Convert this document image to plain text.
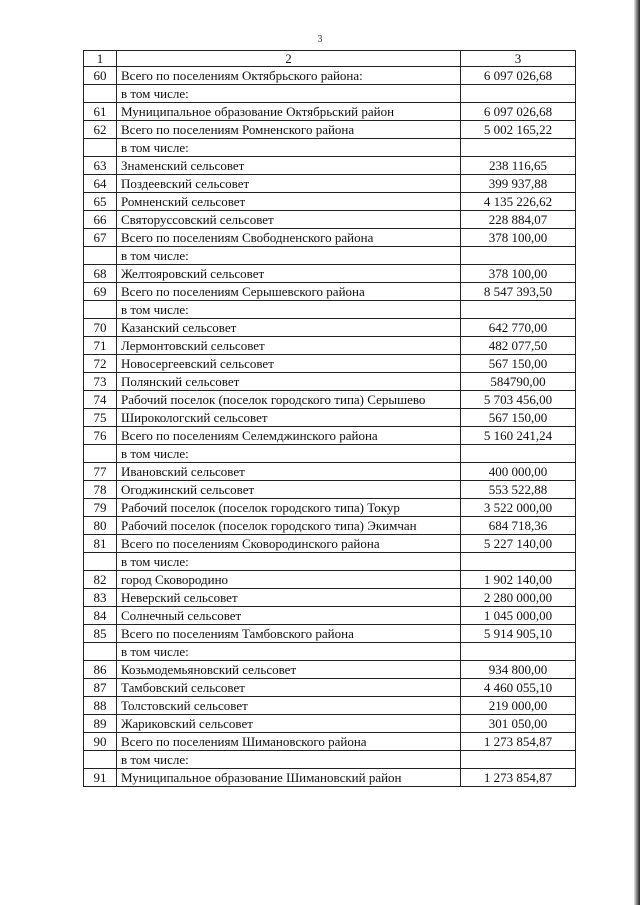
3
1	2	3
60	Всего по поселениям Октябрьского района:	6 097 026,68
	в том числе:	
61	Муниципальное образование Октябрьский район	6 097 026,68
62	Всего по поселениям Ромненского района	5 002 165,22
	в том числе:	
63	Знаменский сельсовет	238 116,65
64	Поздеевский сельсовет	399 937,88
65	Ромненский сельсовет	4 135 226,62
66	Святоруссовский сельсовет	228 884,07
67	Всего по поселениям Свободненского района	378 100,00
	в том числе:	
68	Желтояровский сельсовет	378 100,00
69	Всего по поселениям Серышевского района	8 547 393,50
	в том числе:	
70	Казанский сельсовет	642 770,00
71	Лермонтовский сельсовет	482 077,50
72	Новосергеевский сельсовет	567 150,00
73	Полянский сельсовет	584790,00
74	Рабочий поселок (поселок городского типа) Серышево	5 703 456,00
75	Широкологский сельсовет	567 150,00
76	Всего по поселениям Селемджинского района	5 160 241,24
	в том числе:	
77	Ивановский сельсовет	400 000,00
78	Огоджинский сельсовет	553 522,88
79	Рабочий поселок (поселок городского типа) Токур	3 522 000,00
80	Рабочий поселок (поселок городского типа) Экимчан	684 718,36
81	Всего по поселениям Сковородинского района	5 227 140,00
	в том числе:	
82	город Сковородино	1 902 140,00
83	Неверский сельсовет	2 280 000,00
84	Солнечный сельсовет	1 045 000,00
85	Всего по поселениям Тамбовского района	5 914 905,10
	в том числе:	
86	Козьмодемьяновский сельсовет	934 800,00
87	Тамбовский сельсовет	4 460 055,10
88	Толстовский сельсовет	219 000,00
89	Жариковский сельсовет	301 050,00
90	Всего по поселениям Шимановского района	1 273 854,87
	в том числе:	
91	Муниципальное образование Шимановский район	1 273 854,87
